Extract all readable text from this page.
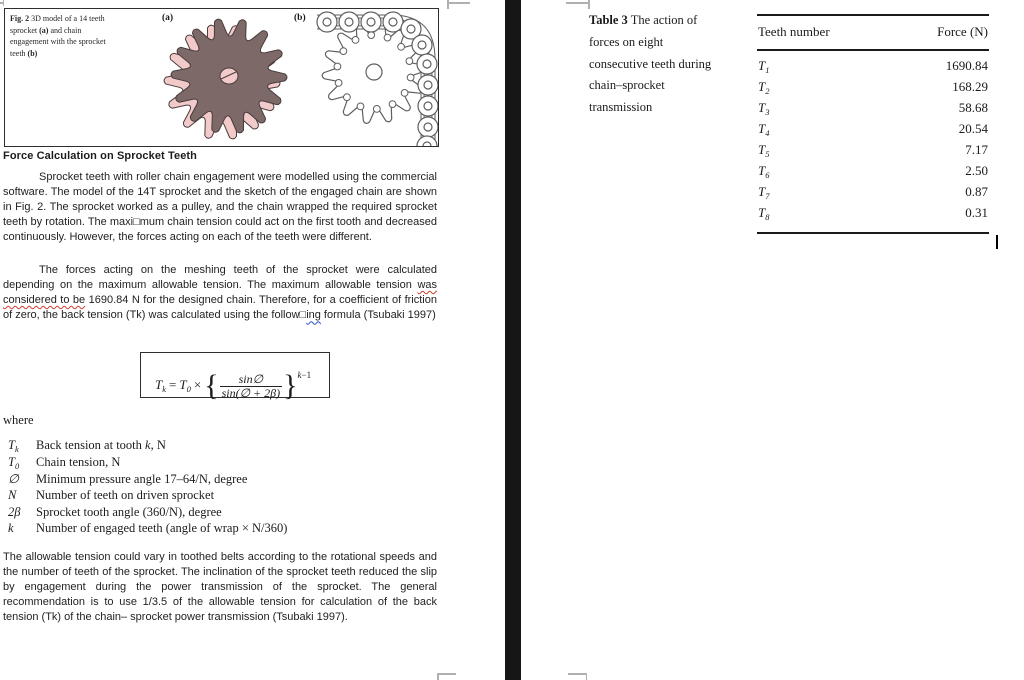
Fig. 2 3D model of a 14 teeth
sprocket (a) and chain
engagement with the sprocket
teeth (b)
(a)	(b)
Force Calculation on Sprocket Teeth
Sprocket teeth with roller chain engagement were modelled using the commercial software. The model of the 14T sprocket and the sketch of the engaged chain are shown in Fig. 2. The sprocket worked as a pulley, and the chain wrapped the required sprocket teeth by rotation. The maxi□mum chain tension could act on the first tooth and decreased continuously. However, the forces acting on each of the teeth were different.
The forces acting on the meshing teeth of the sprocket were calculated depending on the maximum allowable tension. The maximum allowable tension was considered to be 1690.84 N for the designed chain. Therefore, for a coefficient of friction of zero, the back tension (Tk) was calculated using the follow□ing formula (Tsubaki 1997)
$T_k = T_0$ × { $\frac{\sin\emptyset}{\sin(\emptyset + 2\beta)} \}^{k-1}$
where
$T_k$	Back tension at tooth k, N
$T_0$	Chain tension, N
∅	Minimum pressure angle 17–64/N, degree
N	Number of teeth on driven sprocket
2β	Sprocket tooth angle (360/N), degree
k	Number of engaged teeth (angle of wrap × N/360)
The allowable tension could vary in toothed belts according to the rotational speeds and the number of teeth of the sprocket. The inclination of the sprocket teeth reduced the slip by engagement during the power transmission of the sprocket. The general recommendation is to use 1/3.5 of the allowable tension for calculation of the back tension (Tk) of the chain– sprocket power transmission (Tsubaki 1997).
Table 3 The action of
forces on eight
consecutive teeth during
chain–sprocket
transmission
Teeth number	Force (N)
$T_1$	1690.84
$T_2$	168.29
$T_3$	58.68
$T_4$	20.54
$T_5$	7.17
$T_6$	2.50
$T_7$	0.87
$T_8$	0.31
